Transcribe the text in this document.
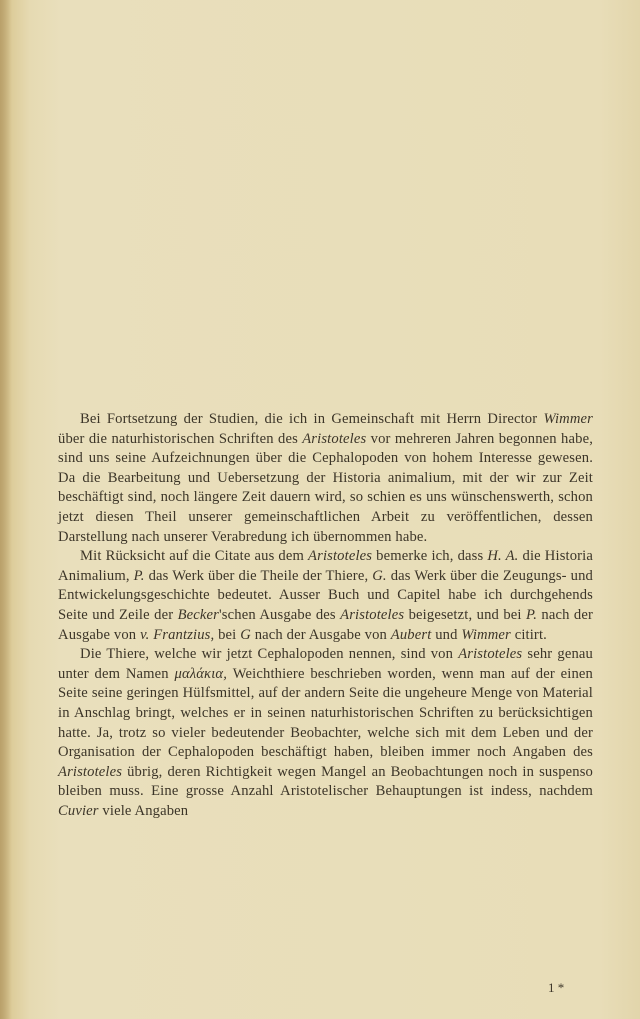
Bei Fortsetzung der Studien, die ich in Gemeinschaft mit Herrn Director Wimmer über die naturhistorischen Schriften des Aristoteles vor mehreren Jahren begonnen habe, sind uns seine Aufzeichnungen über die Cephalopoden von hohem Interesse gewesen. Da die Bearbeitung und Uebersetzung der Historia animalium, mit der wir zur Zeit beschäftigt sind, noch längere Zeit dauern wird, so schien es uns wünschenswerth, schon jetzt diesen Theil unserer gemeinschaftlichen Arbeit zu veröffentlichen, dessen Darstellung nach unserer Verabredung ich übernommen habe.

Mit Rücksicht auf die Citate aus dem Aristoteles bemerke ich, dass H. A. die Historia Animalium, P. das Werk über die Theile der Thiere, G. das Werk über die Zeugungs- und Entwickelungsgeschichte bedeutet. Ausser Buch und Capitel habe ich durchgehends Seite und Zeile der Becker'schen Ausgabe des Aristoteles beigesetzt, und bei P. nach der Ausgabe von v. Frantzius, bei G nach der Ausgabe von Aubert und Wimmer citirt.

Die Thiere, welche wir jetzt Cephalopoden nennen, sind von Aristoteles sehr genau unter dem Namen μαλάκια, Weichthiere beschrieben worden, wenn man auf der einen Seite seine geringen Hülfsmittel, auf der andern Seite die ungeheure Menge von Material in Anschlag bringt, welches er in seinen naturhistorischen Schriften zu berücksichtigen hatte. Ja, trotz so vieler bedeutender Beobachter, welche sich mit dem Leben und der Organisation der Cephalopoden beschäftigt haben, bleiben immer noch Angaben des Aristoteles übrig, deren Richtigkeit wegen Mangel an Beobachtungen noch in suspenso bleiben muss. Eine grosse Anzahl Aristotelischer Behauptungen ist indess, nachdem Cuvier viele Angaben

1 *
